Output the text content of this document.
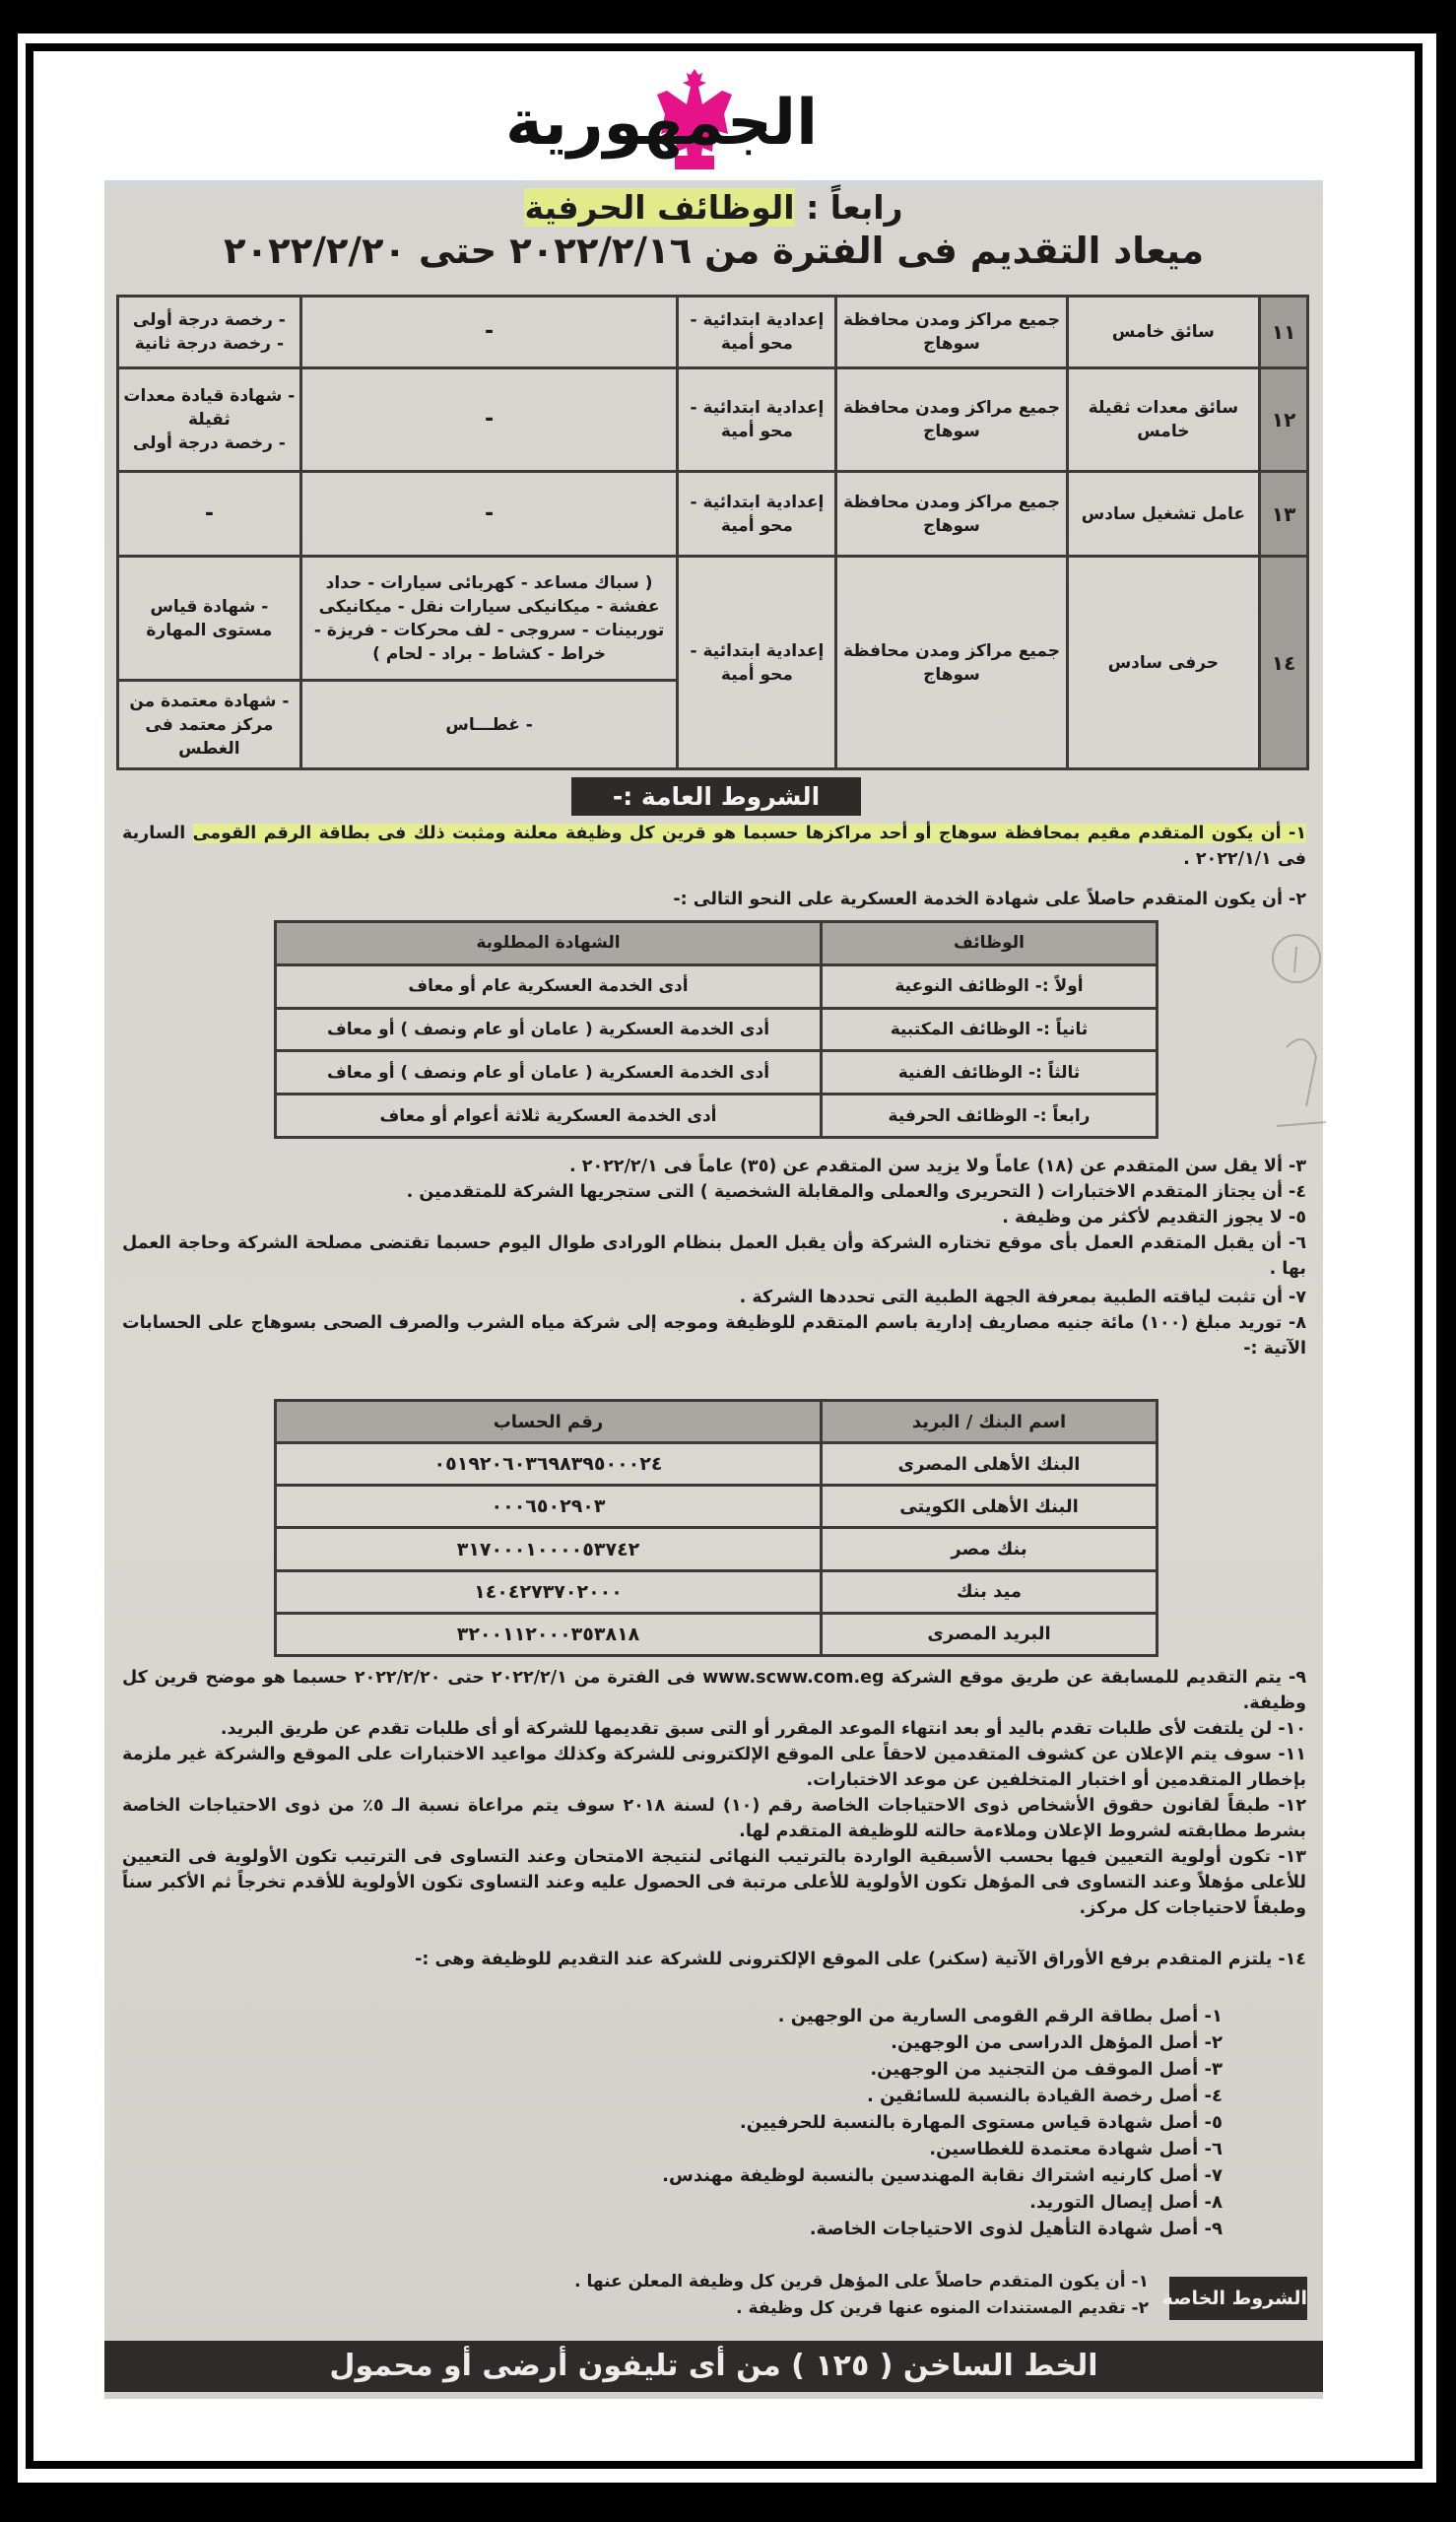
الجمهورية
رابعاً : الوظائف الحرفية
ميعاد التقديم فى الفترة من ٢٠٢٢/٢/١٦ حتى ٢٠٢٢/٢/٢٠
١١	سائق خامس	جميع مراكز ومدن محافظة سوهاج	إعدادية ابتدائية - محو أمية	-	- رخصة درجة أولى
- رخصة درجة ثانية

١٢	سائق معدات ثقيلة خامس	جميع مراكز ومدن محافظة سوهاج	إعدادية ابتدائية - محو أمية	-	- شهادة قيادة معدات ثقيلة
- رخصة درجة أولى

١٣	عامل تشغيل سادس	جميع مراكز ومدن محافظة سوهاج	إعدادية ابتدائية - محو أمية	-	-
١٤	حرفى سادس	جميع مراكز ومدن محافظة سوهاج	إعدادية ابتدائية - محو أمية	( سباك مساعد - كهربائى سيارات - حداد عفشة - ميكانيكى سيارات نقل - ميكانيكى توربينات - سروجى - لف محركات - فريزة - خراط - كشاط - براد - لحام )	- شهادة قياس مستوى المهارة
				- غطـــاس	- شهادة معتمدة من مركز معتمد فى الغطس
الشروط العامة :-
١- أن يكون المتقدم مقيم بمحافظة سوهاج أو أحد مراكزها حسبما هو قرين كل وظيفة معلنة ومثبت ذلك فى بطاقة الرقم القومى السارية فى ٢٠٢٢/١/١ .
٢- أن يكون المتقدم حاصلاً على شهادة الخدمة العسكرية على النحو التالى :-
الوظائف	الشهادة المطلوبة
أولاً :- الوظائف النوعية	أدى الخدمة العسكرية عام أو معاف
ثانياً :- الوظائف المكتبية	أدى الخدمة العسكرية ( عامان أو عام ونصف ) أو معاف
ثالثاً :- الوظائف الفنية	أدى الخدمة العسكرية ( عامان أو عام ونصف ) أو معاف
رابعاً :- الوظائف الحرفية	أدى الخدمة العسكرية ثلاثة أعوام أو معاف
٣- ألا يقل سن المتقدم عن (١٨) عاماً ولا يزيد سن المتقدم عن (٣٥) عاماً فى ٢٠٢٢/٢/١ .
٤- أن يجتاز المتقدم الاختبارات ( التحريرى والعملى والمقابلة الشخصية ) التى ستجريها الشركة للمتقدمين .
٥- لا يجوز التقديم لأكثر من وظيفة .
٦- أن يقبل المتقدم العمل بأى موقع تختاره الشركة وأن يقبل العمل بنظام الورادى طوال اليوم حسبما تقتضى مصلحة الشركة وحاجة العمل بها .
٧- أن تثبت لياقته الطبية بمعرفة الجهة الطبية التى تحددها الشركة .
٨- توريد مبلغ (١٠٠) مائة جنيه مصاريف إدارية باسم المتقدم للوظيفة وموجه إلى شركة مياه الشرب والصرف الصحى بسوهاج على الحسابات الآتية :-
اسم البنك / البريد	رقم الحساب
البنك الأهلى المصرى	٠٥١٩٢٠٦٠٣٦٩٨٣٩٥٠٠٠٢٤
البنك الأهلى الكويتى	٠٠٠٦٥٠٢٩٠٣
بنك مصر	٣١٧٠٠٠١٠٠٠٠٥٣٧٤٢
ميد بنك	١٤٠٤٢٧٣٧٠٢٠٠٠
البريد المصرى	٣٢٠٠١١٢٠٠٠٣٥٣٨١٨
٩- يتم التقديم للمسابقة عن طريق موقع الشركة www.scww.com.eg فى الفترة من ٢٠٢٢/٢/١ حتى ٢٠٢٢/٢/٢٠ حسبما هو موضح قرين كل وظيفة.
١٠- لن يلتفت لأى طلبات تقدم باليد أو بعد انتهاء الموعد المقرر أو التى سبق تقديمها للشركة أو أى طلبات تقدم عن طريق البريد.
١١- سوف يتم الإعلان عن كشوف المتقدمين لاحقاً على الموقع الإلكترونى للشركة وكذلك مواعيد الاختبارات على الموقع والشركة غير ملزمة بإخطار المتقدمين أو اختبار المتخلفين عن موعد الاختبارات.
١٢- طبقاً لقانون حقوق الأشخاص ذوى الاحتياجات الخاصة رقم (١٠) لسنة ٢٠١٨ سوف يتم مراعاة نسبة الـ ٥٪ من ذوى الاحتياجات الخاصة بشرط مطابقته لشروط الإعلان وملاءمة حالته للوظيفة المتقدم لها.
١٣- تكون أولوية التعيين فيها بحسب الأسبقية الواردة بالترتيب النهائى لنتيجة الامتحان وعند التساوى فى الترتيب تكون الأولوية فى التعيين للأعلى مؤهلاً وعند التساوى فى المؤهل تكون الأولوية للأعلى مرتبة فى الحصول عليه وعند التساوى تكون الأولوية للأقدم تخرجاً ثم الأكبر سناً وطبقاً لاحتياجات كل مركز.
١٤- يلتزم المتقدم برفع الأوراق الآتية (سكنر) على الموقع الإلكترونى للشركة عند التقديم للوظيفة وهى :-
١- أصل بطاقة الرقم القومى السارية من الوجهين .
٢- أصل المؤهل الدراسى من الوجهين.
٣- أصل الموقف من التجنيد من الوجهين.
٤- أصل رخصة القيادة بالنسبة للسائقين .
٥- أصل شهادة قياس مستوى المهارة بالنسبة للحرفيين.
٦- أصل شهادة معتمدة للغطاسين.
٧- أصل كارنيه اشتراك نقابة المهندسين بالنسبة لوظيفة مهندس.
٨- أصل إيصال التوريد.
٩- أصل شهادة التأهيل لذوى الاحتياجات الخاصة.
١- أن يكون المتقدم حاصلاً على المؤهل قرين كل وظيفة المعلن عنها .
٢- تقديم المستندات المنوه عنها قرين كل وظيفة . الشروط الخاصة
الخط الساخن ( ١٢٥ ) من أى تليفون أرضى أو محمول
